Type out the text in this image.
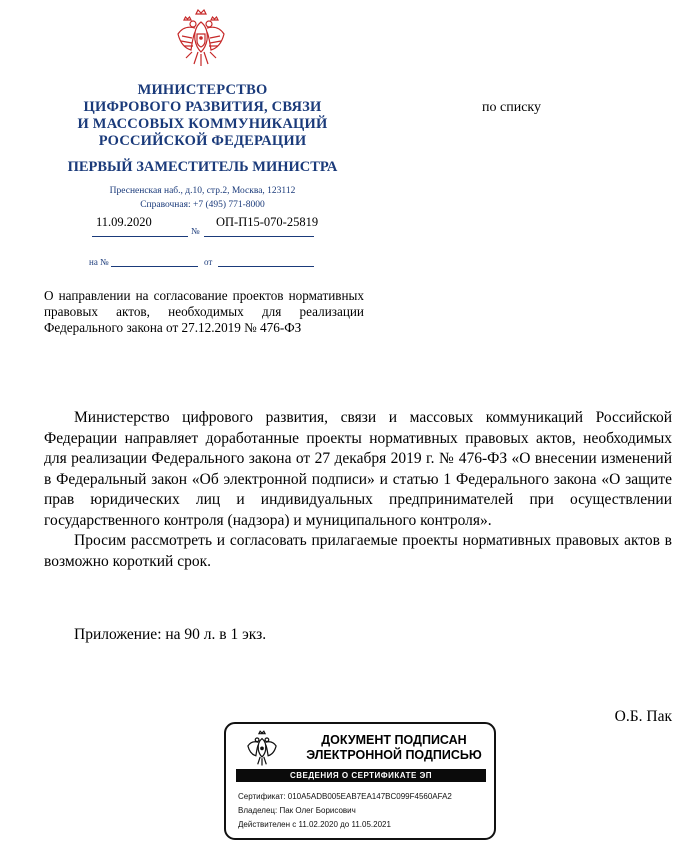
МИНИСТЕРСТВО
ЦИФРОВОГО РАЗВИТИЯ, СВЯЗИ
И МАССОВЫХ КОММУНИКАЦИЙ
РОССИЙСКОЙ ФЕДЕРАЦИИ
ПЕРВЫЙ ЗАМЕСТИТЕЛЬ МИНИСТРА
Пресненская наб., д.10, стр.2, Москва, 123112
Справочная: +7 (495) 771-8000
по списку
11.09.2020
№
ОП-П15-070-25819
на №	от
О направлении на согласование проектов нормативных правовых актов, необходимых для реализации Федерального закона от 27.12.2019 № 476-ФЗ

Министерство цифрового развития, связи и массовых коммуникаций Российской Федерации направляет доработанные проекты нормативных правовых актов, необходимых для реализации Федерального закона от 27 декабря 2019 г. № 476-ФЗ «О внесении изменений в Федеральный закон «Об электронной подписи» и статью 1 Федерального закона «О защите прав юридических лиц и индивидуальных предпринимателей при осуществлении государственного контроля (надзора) и муниципального контроля».

Просим рассмотреть и согласовать прилагаемые проекты нормативных правовых актов в возможно короткий срок.

Приложение: на 90 л. в 1 экз.
О.Б. Пак
ДОКУМЕНТ ПОДПИСАН
ЭЛЕКТРОННОЙ ПОДПИСЬЮ
СВЕДЕНИЯ О СЕРТИФИКАТЕ ЭП
Сертификат: 010A5ADB005EAB7EA147BC099F4560AFA2
Владелец: Пак Олег Борисович
Действителен с 11.02.2020 до 11.05.2021
